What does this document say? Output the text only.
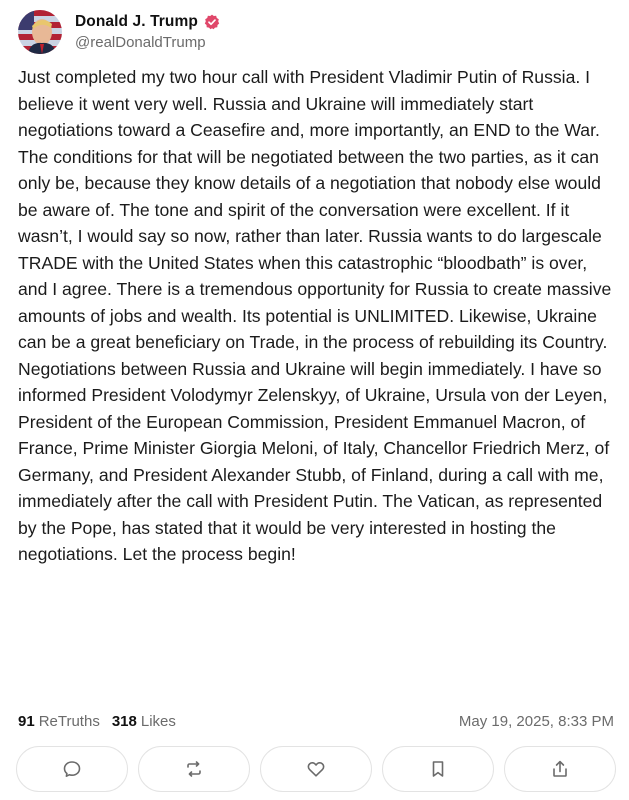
Donald J. Trump
@realDonaldTrump
Just completed my two hour call with President Vladimir Putin of Russia. I believe it went very well. Russia and Ukraine will immediately start negotiations toward a Ceasefire and, more importantly, an END to the War. The conditions for that will be negotiated between the two parties, as it can only be, because they know details of a negotiation that nobody else would be aware of. The tone and spirit of the conversation were excellent. If it wasn’t, I would say so now, rather than later. Russia wants to do largescale TRADE with the United States when this catastrophic “bloodbath” is over, and I agree. There is a tremendous opportunity for Russia to create massive amounts of jobs and wealth. Its potential is UNLIMITED. Likewise, Ukraine can be a great beneficiary on Trade, in the process of rebuilding its Country. Negotiations between Russia and Ukraine will begin immediately. I have so informed President Volodymyr Zelenskyy, of Ukraine, Ursula von der Leyen, President of the European Commission, President Emmanuel Macron, of France, Prime Minister Giorgia Meloni, of Italy, Chancellor Friedrich Merz, of Germany, and President Alexander Stubb, of Finland, during a call with me, immediately after the call with President Putin. The Vatican, as represented by the Pope, has stated that it would be very interested in hosting the negotiations. Let the process begin!
91 ReTruths 318 Likes	May 19, 2025, 8:33 PM
